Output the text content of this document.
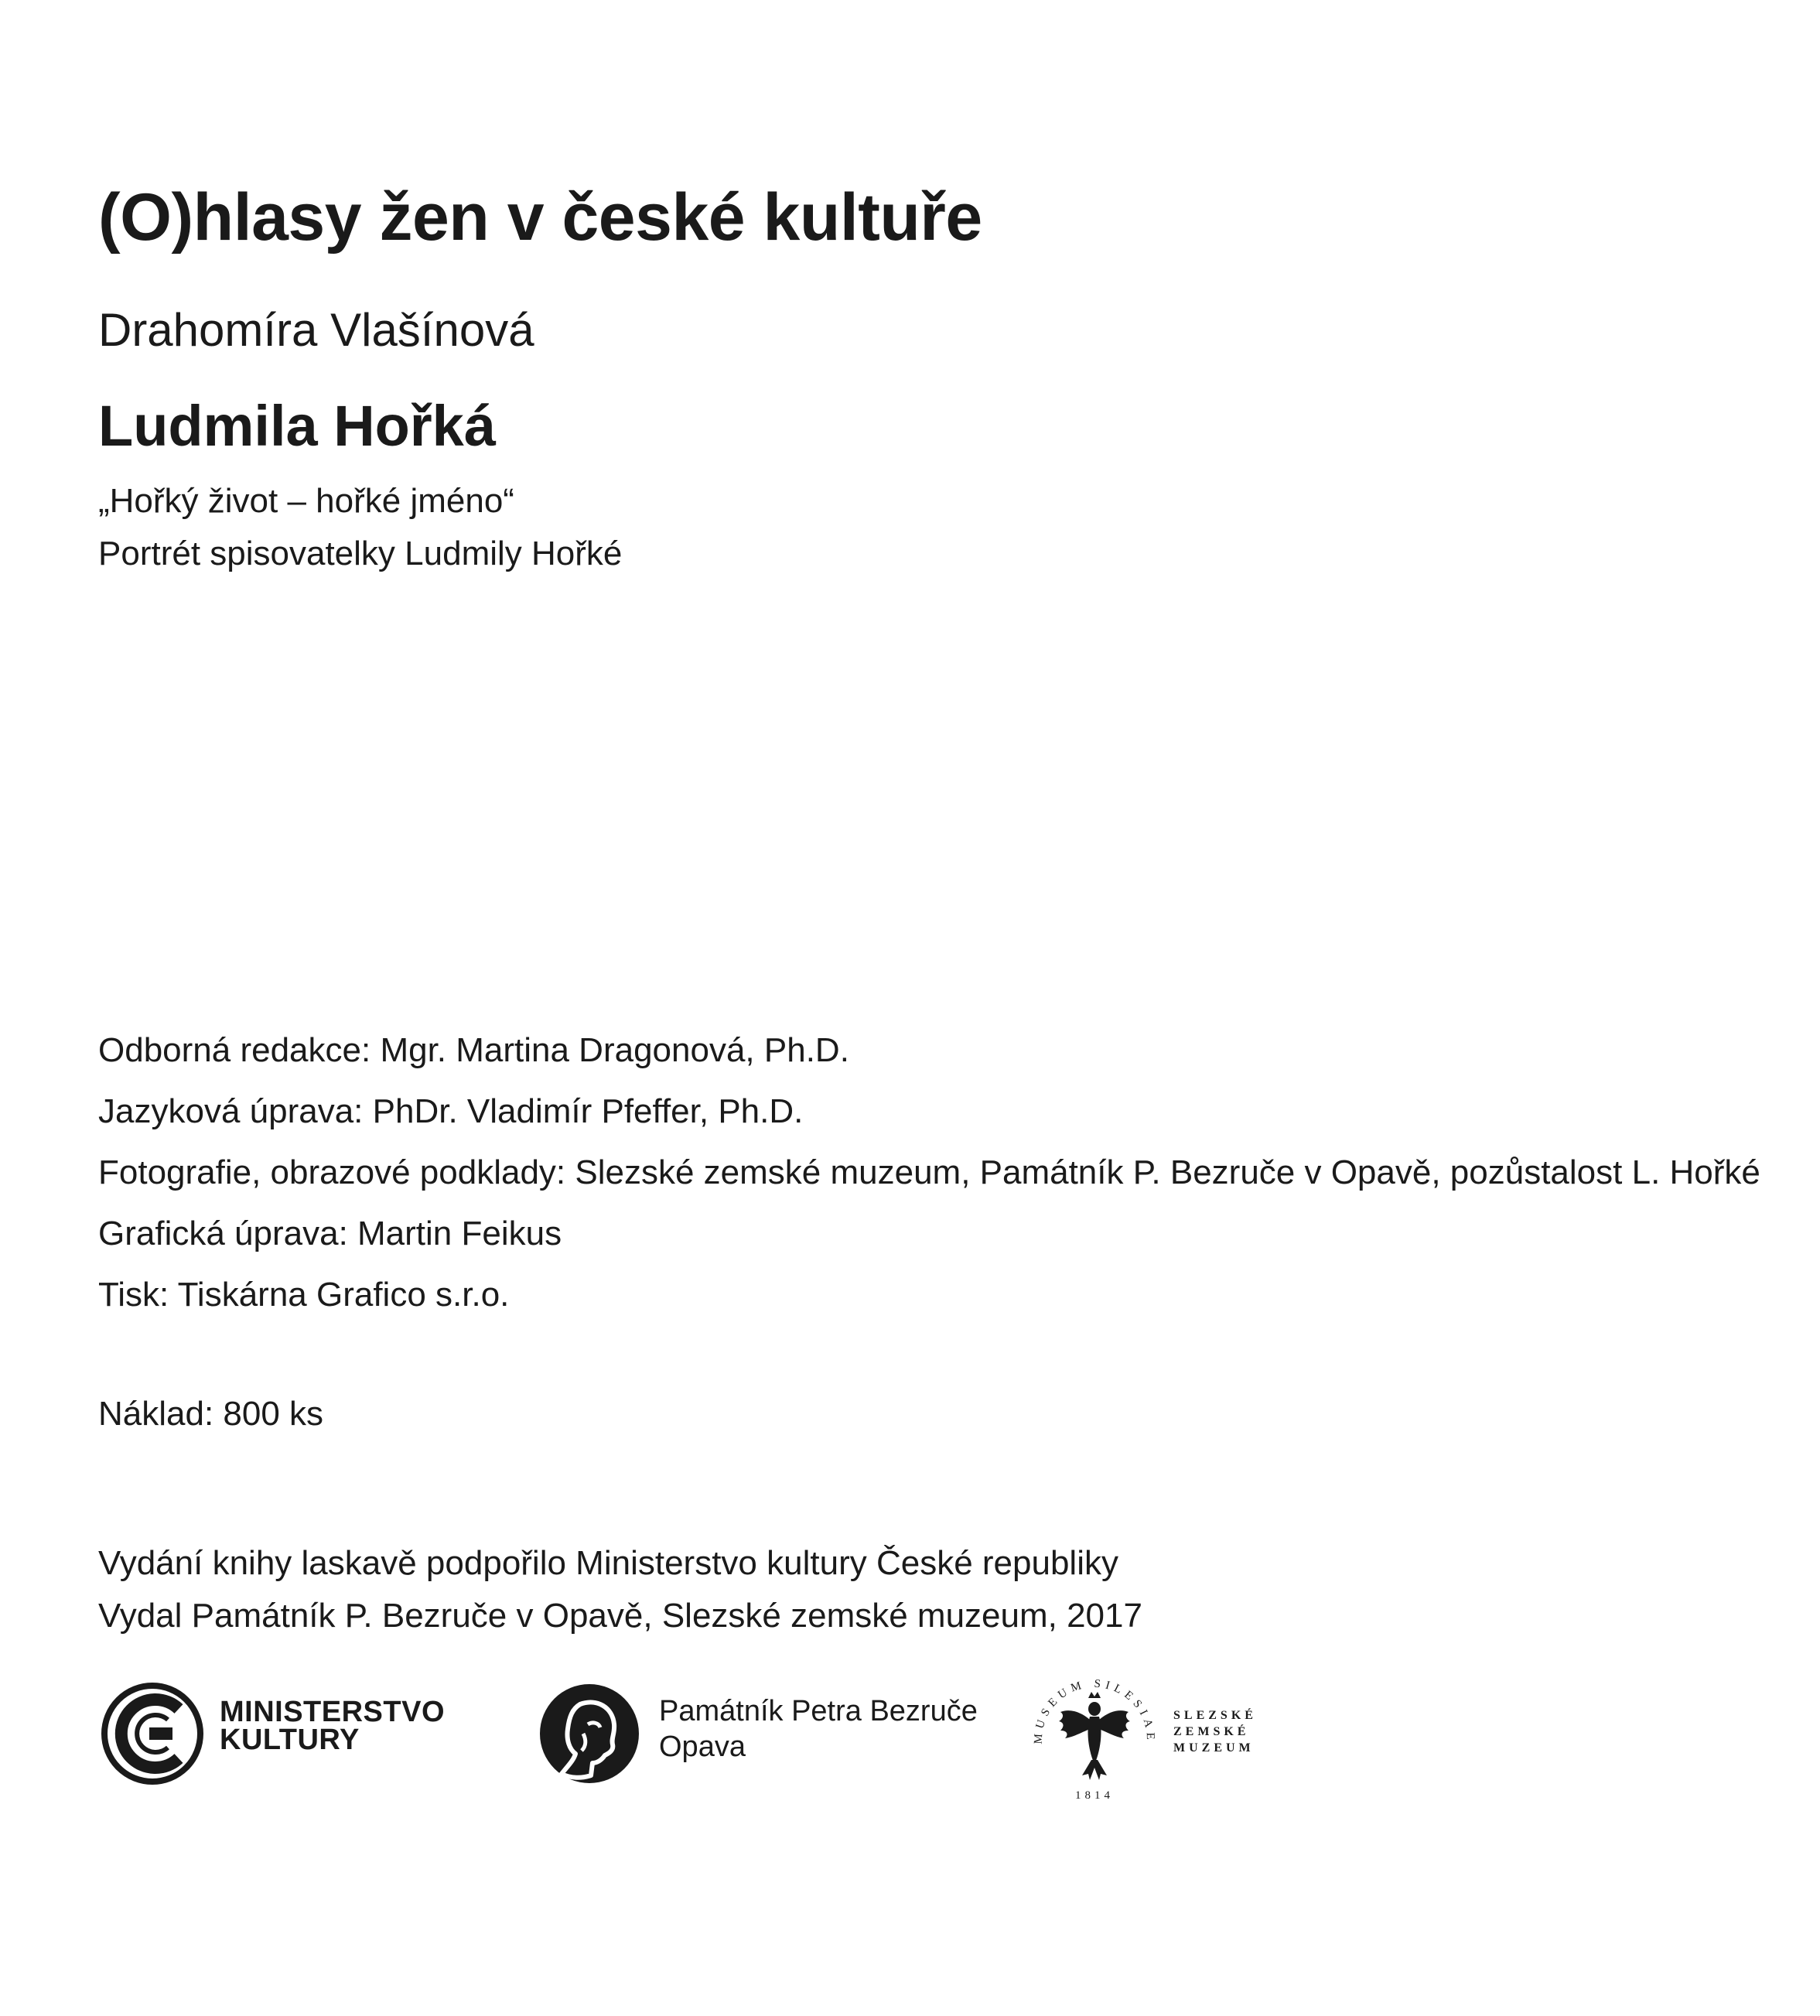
(O)hlasy žen v české kultuře
Drahomíra Vlašínová
Ludmila Hořká
„Hořký život – hořké jméno“
Portrét spisovatelky Ludmily Hořké
Odborná redakce: Mgr. Martina Dragonová, Ph.D.
Jazyková úprava: PhDr. Vladimír Pfeffer, Ph.D.
Fotografie, obrazové podklady: Slezské zemské muzeum, Památník P. Bezruče v Opavě, pozůstalost L. Hořké
Grafická úprava: Martin Feikus
Tisk: Tiskárna Grafico s.r.o.
Náklad: 800 ks
Vydání knihy laskavě podpořilo Ministerstvo kultury České republiky
Vydal Památník P. Bezruče v Opavě, Slezské zemské muzeum, 2017
MINISTERSTVO
KULTURY
Památník Petra Bezruče
Opava	MUSEUM SILESIAE
1814
SLEZSKÉ
ZEMSKÉ
MUZEUM
